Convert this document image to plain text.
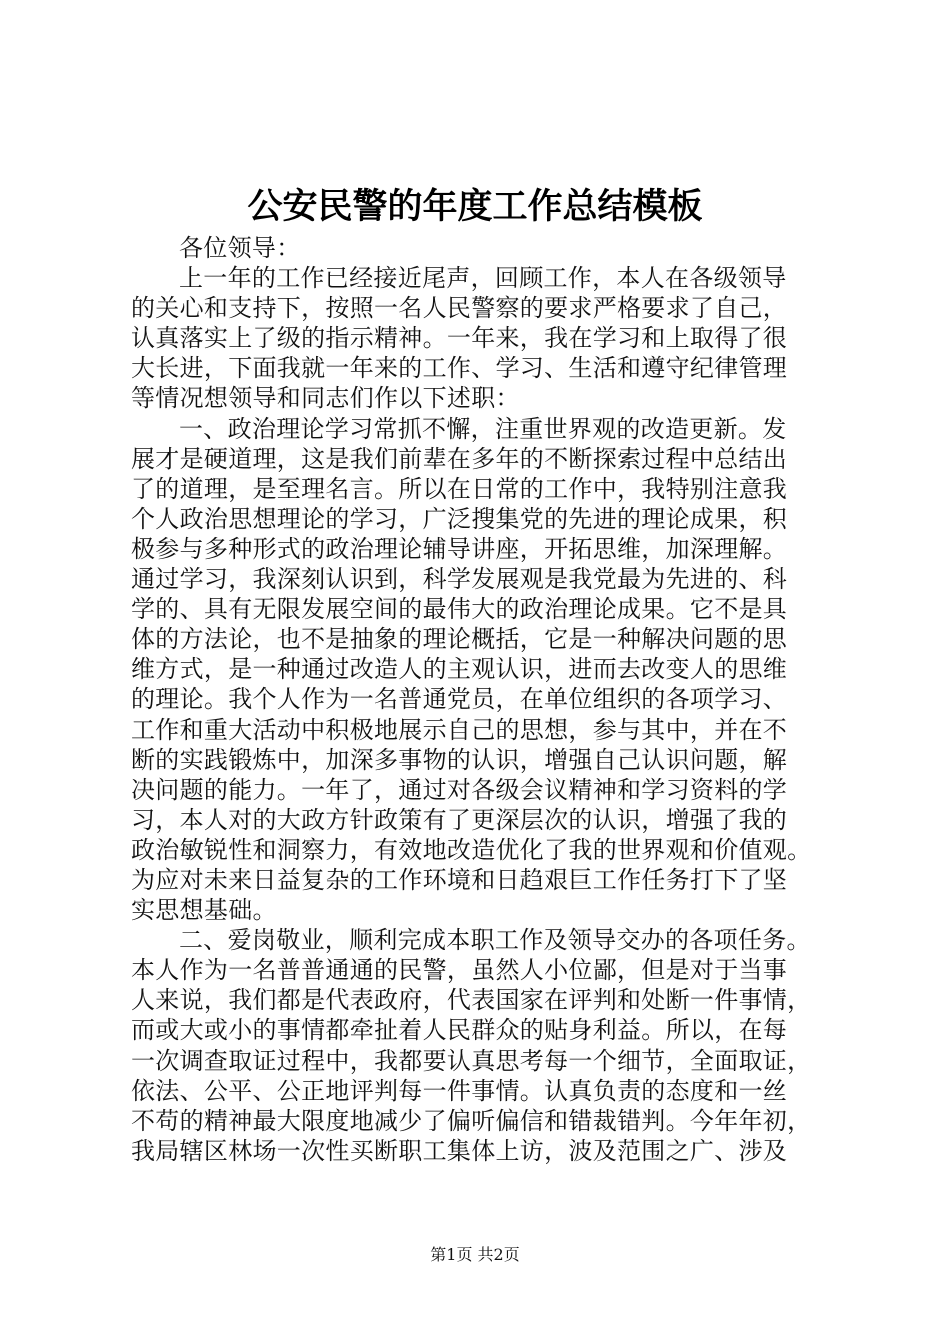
公安民警的年度工作总结模板
各位领导：
上一年的工作已经接近尾声，回顾工作，本人在各级领导
的关心和支持下，按照一名人民警察的要求严格要求了自己，
认真落实上了级的指示精神。一年来，我在学习和上取得了很
大长进，下面我就一年来的工作、学习、生活和遵守纪律管理
等情况想领导和同志们作以下述职：
一、政治理论学习常抓不懈，注重世界观的改造更新。发
展才是硬道理，这是我们前辈在多年的不断探索过程中总结出
了的道理，是至理名言。所以在日常的工作中，我特别注意我
个人政治思想理论的学习，广泛搜集党的先进的理论成果，积
极参与多种形式的政治理论辅导讲座，开拓思维，加深理解。
通过学习，我深刻认识到，科学发展观是我党最为先进的、科
学的、具有无限发展空间的最伟大的政治理论成果。它不是具
体的方法论，也不是抽象的理论概括，它是一种解决问题的思
维方式，是一种通过改造人的主观认识，进而去改变人的思维
的理论。我个人作为一名普通党员，在单位组织的各项学习、
工作和重大活动中积极地展示自己的思想，参与其中，并在不
断的实践锻炼中，加深多事物的认识，增强自己认识问题，解
决问题的能力。一年了，通过对各级会议精神和学习资料的学
习，本人对的大政方针政策有了更深层次的认识，增强了我的
政治敏锐性和洞察力，有效地改造优化了我的世界观和价值观。
为应对未来日益复杂的工作环境和日趋艰巨工作任务打下了坚
实思想基础。
二、爱岗敬业，顺利完成本职工作及领导交办的各项任务。
本人作为一名普普通通的民警，虽然人小位鄙，但是对于当事
人来说，我们都是代表政府，代表国家在评判和处断一件事情，
而或大或小的事情都牵扯着人民群众的贴身利益。所以，在每
一次调查取证过程中，我都要认真思考每一个细节，全面取证，
依法、公平、公正地评判每一件事情。认真负责的态度和一丝
不苟的精神最大限度地减少了偏听偏信和错裁错判。今年年初，
我局辖区林场一次性买断职工集体上访，波及范围之广、涉及
第1页 共2页
